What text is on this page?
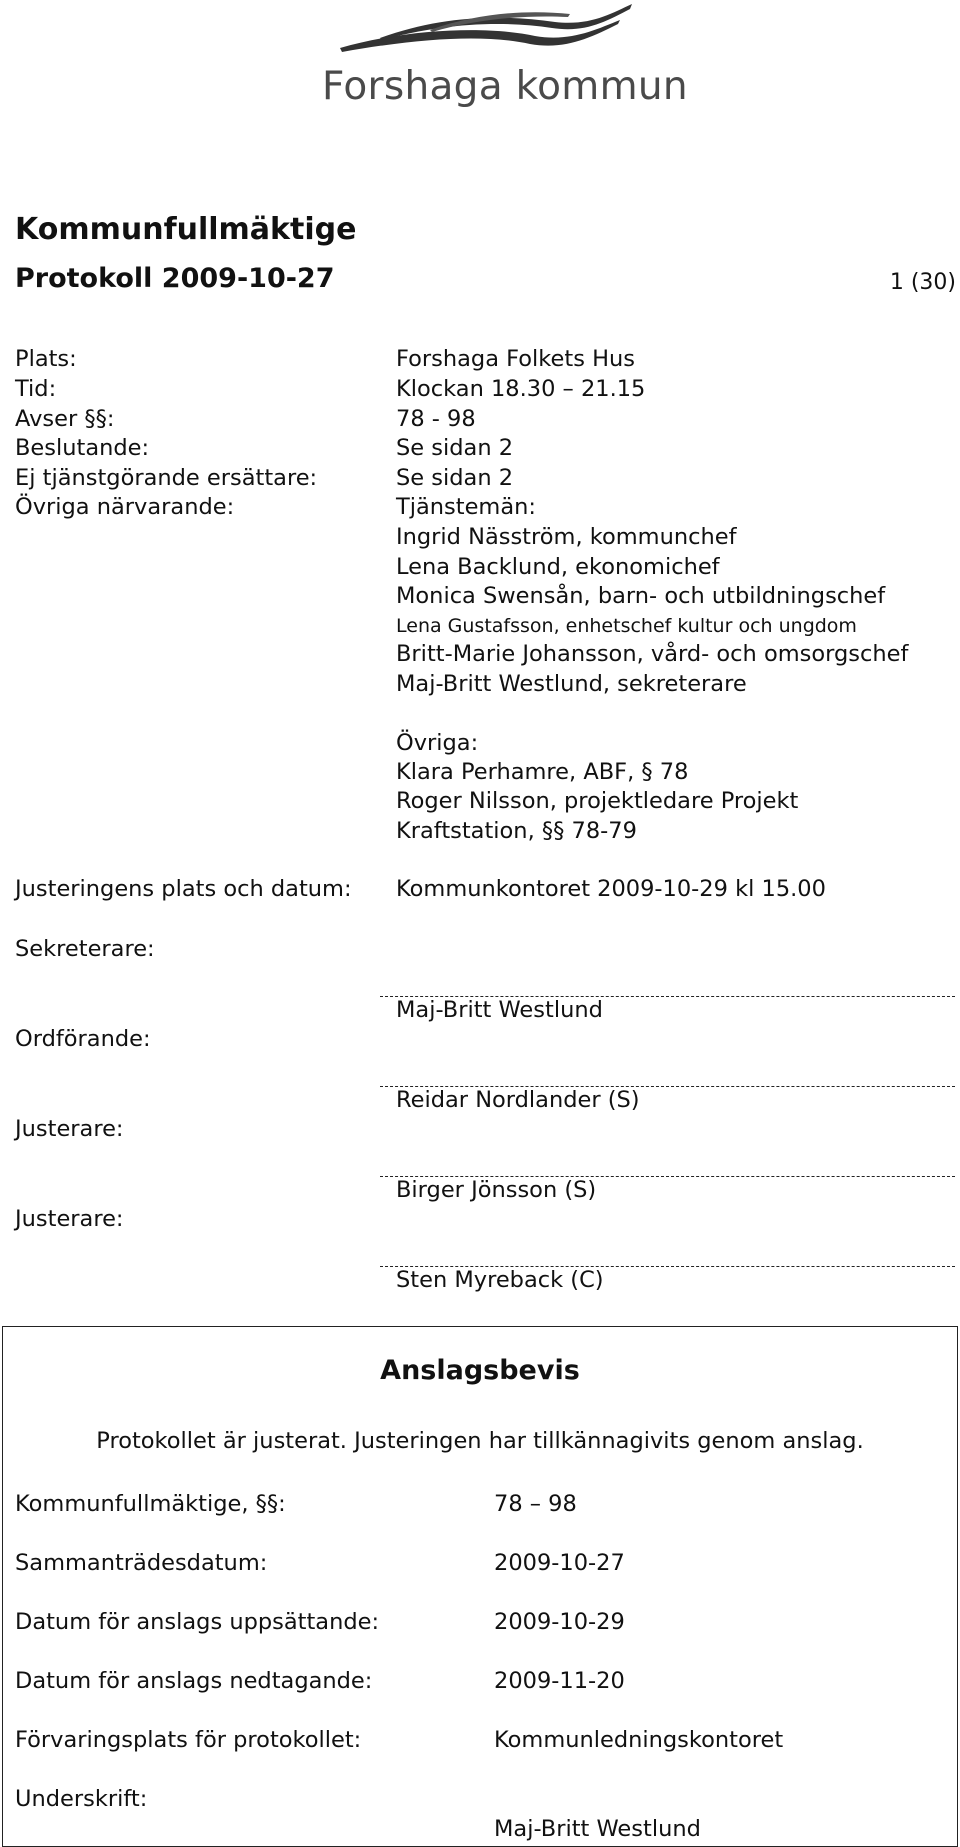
Forshaga kommun
Kommunfullmäktige
Protokoll 2009-10-27	1 (30)
Plats:	Forshaga Folkets Hus
Tid:	Klockan 18.30 – 21.15
Avser §§:	78 - 98
Beslutande:	Se sidan 2
Ej tjänstgörande ersättare:	Se sidan 2
Övriga närvarande:	Tjänstemän:
Ingrid Näsström, kommunchef
Lena Backlund, ekonomichef
Monica Swensån, barn- och utbildningschef
Lena Gustafsson, enhetschef kultur och ungdom
Britt-Marie Johansson, vård- och omsorgschef
Maj-Britt Westlund, sekreterare
Övriga:
Klara Perhamre, ABF, § 78
Roger Nilsson, projektledare Projekt
Kraftstation, §§ 78-79
Justeringens plats och datum: Kommunkontoret 2009-10-29 kl 15.00
Sekreterare:
Maj-Britt Westlund
Ordförande:
Reidar Nordlander (S)
Justerare:
Birger Jönsson (S)
Justerare:
Sten Myreback (C)
Anslagsbevis
Protokollet är justerat. Justeringen har tillkännagivits genom anslag.
Kommunfullmäktige, §§:	78 – 98
Sammanträdesdatum:	2009-10-27
Datum för anslags uppsättande:	2009-10-29
Datum för anslags nedtagande:	2009-11-20
Förvaringsplats för protokollet:	Kommunledningskontoret
Underskrift:
Maj-Britt Westlund
